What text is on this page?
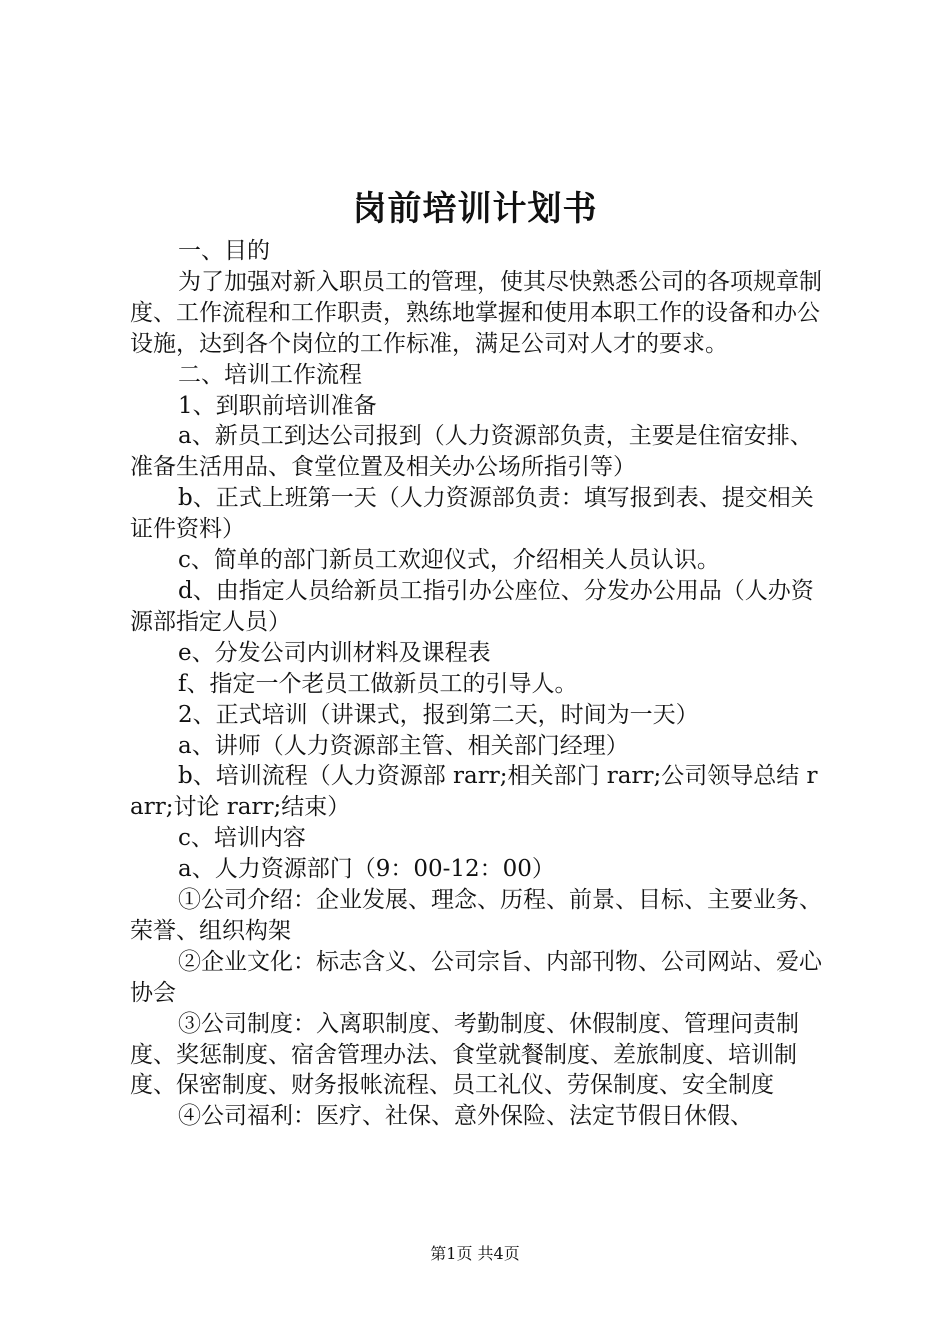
岗前培训计划书

一、目的

为了加强对新入职员工的管理，使其尽快熟悉公司的各项规章制度、工作流程和工作职责，熟练地掌握和使用本职工作的设备和办公设施，达到各个岗位的工作标准，满足公司对人才的要求。

二、培训工作流程

1、到职前培训准备

a、新员工到达公司报到（人力资源部负责，主要是住宿安排、准备生活用品、食堂位置及相关办公场所指引等）

b、正式上班第一天（人力资源部负责：填写报到表、提交相关证件资料）

c、简单的部门新员工欢迎仪式，介绍相关人员认识。

d、由指定人员给新员工指引办公座位、分发办公用品（人办资源部指定人员）

e、分发公司内训材料及课程表

f、指定一个老员工做新员工的引导人。

2、正式培训（讲课式，报到第二天，时间为一天）

a、讲师（人力资源部主管、相关部门经理）

b、培训流程（人力资源部 rarr;相关部门 rarr;公司领导总结 rarr;讨论 rarr;结束）

c、培训内容

a、人力资源部门（9：00-12：00）

①公司介绍：企业发展、理念、历程、前景、目标、主要业务、荣誉、组织构架

②企业文化：标志含义、公司宗旨、内部刊物、公司网站、爱心协会

③公司制度：入离职制度、考勤制度、休假制度、管理问责制度、奖惩制度、宿舍管理办法、食堂就餐制度、差旅制度、培训制度、保密制度、财务报帐流程、员工礼仪、劳保制度、安全制度

④公司福利：医疗、社保、意外保险、法定节假日休假、

第1页 共4页
